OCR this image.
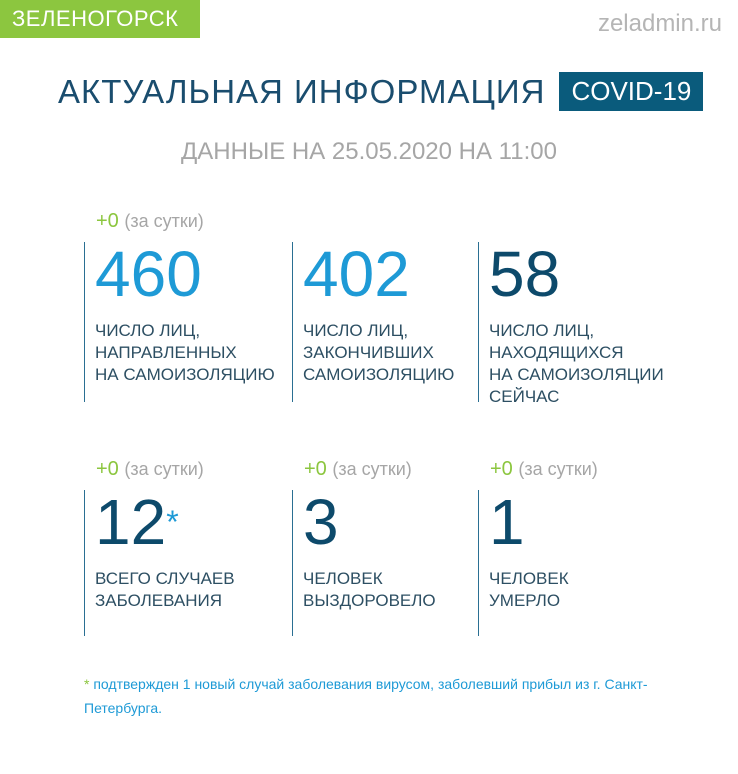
ЗЕЛЕНОГОРСК	zeladmin.ru
АКТУАЛЬНАЯ ИНФОРМАЦИЯ	COVID-19
ДАННЫЕ НА 25.05.2020 НА 11:00
+0 (за сутки)
460
ЧИСЛО ЛИЦ,
НАПРАВЛЕННЫХ
НА САМОИЗОЛЯЦИЮ
402
ЧИСЛО ЛИЦ,
ЗАКОНЧИВШИХ
САМОИЗОЛЯЦИЮ
58
ЧИСЛО ЛИЦ,
НАХОДЯЩИХСЯ
НА САМОИЗОЛЯЦИИ
СЕЙЧАС
+0 (за сутки)
12*
ВСЕГО СЛУЧАЕВ
ЗАБОЛЕВАНИЯ
+0 (за сутки)
3
ЧЕЛОВЕК
ВЫЗДОРОВЕЛО
+0 (за сутки)
1
ЧЕЛОВЕК
УМЕРЛО
* подтвержден 1 новый случай заболевания вирусом, заболевший прибыл из г. Санкт-Петербурга.
